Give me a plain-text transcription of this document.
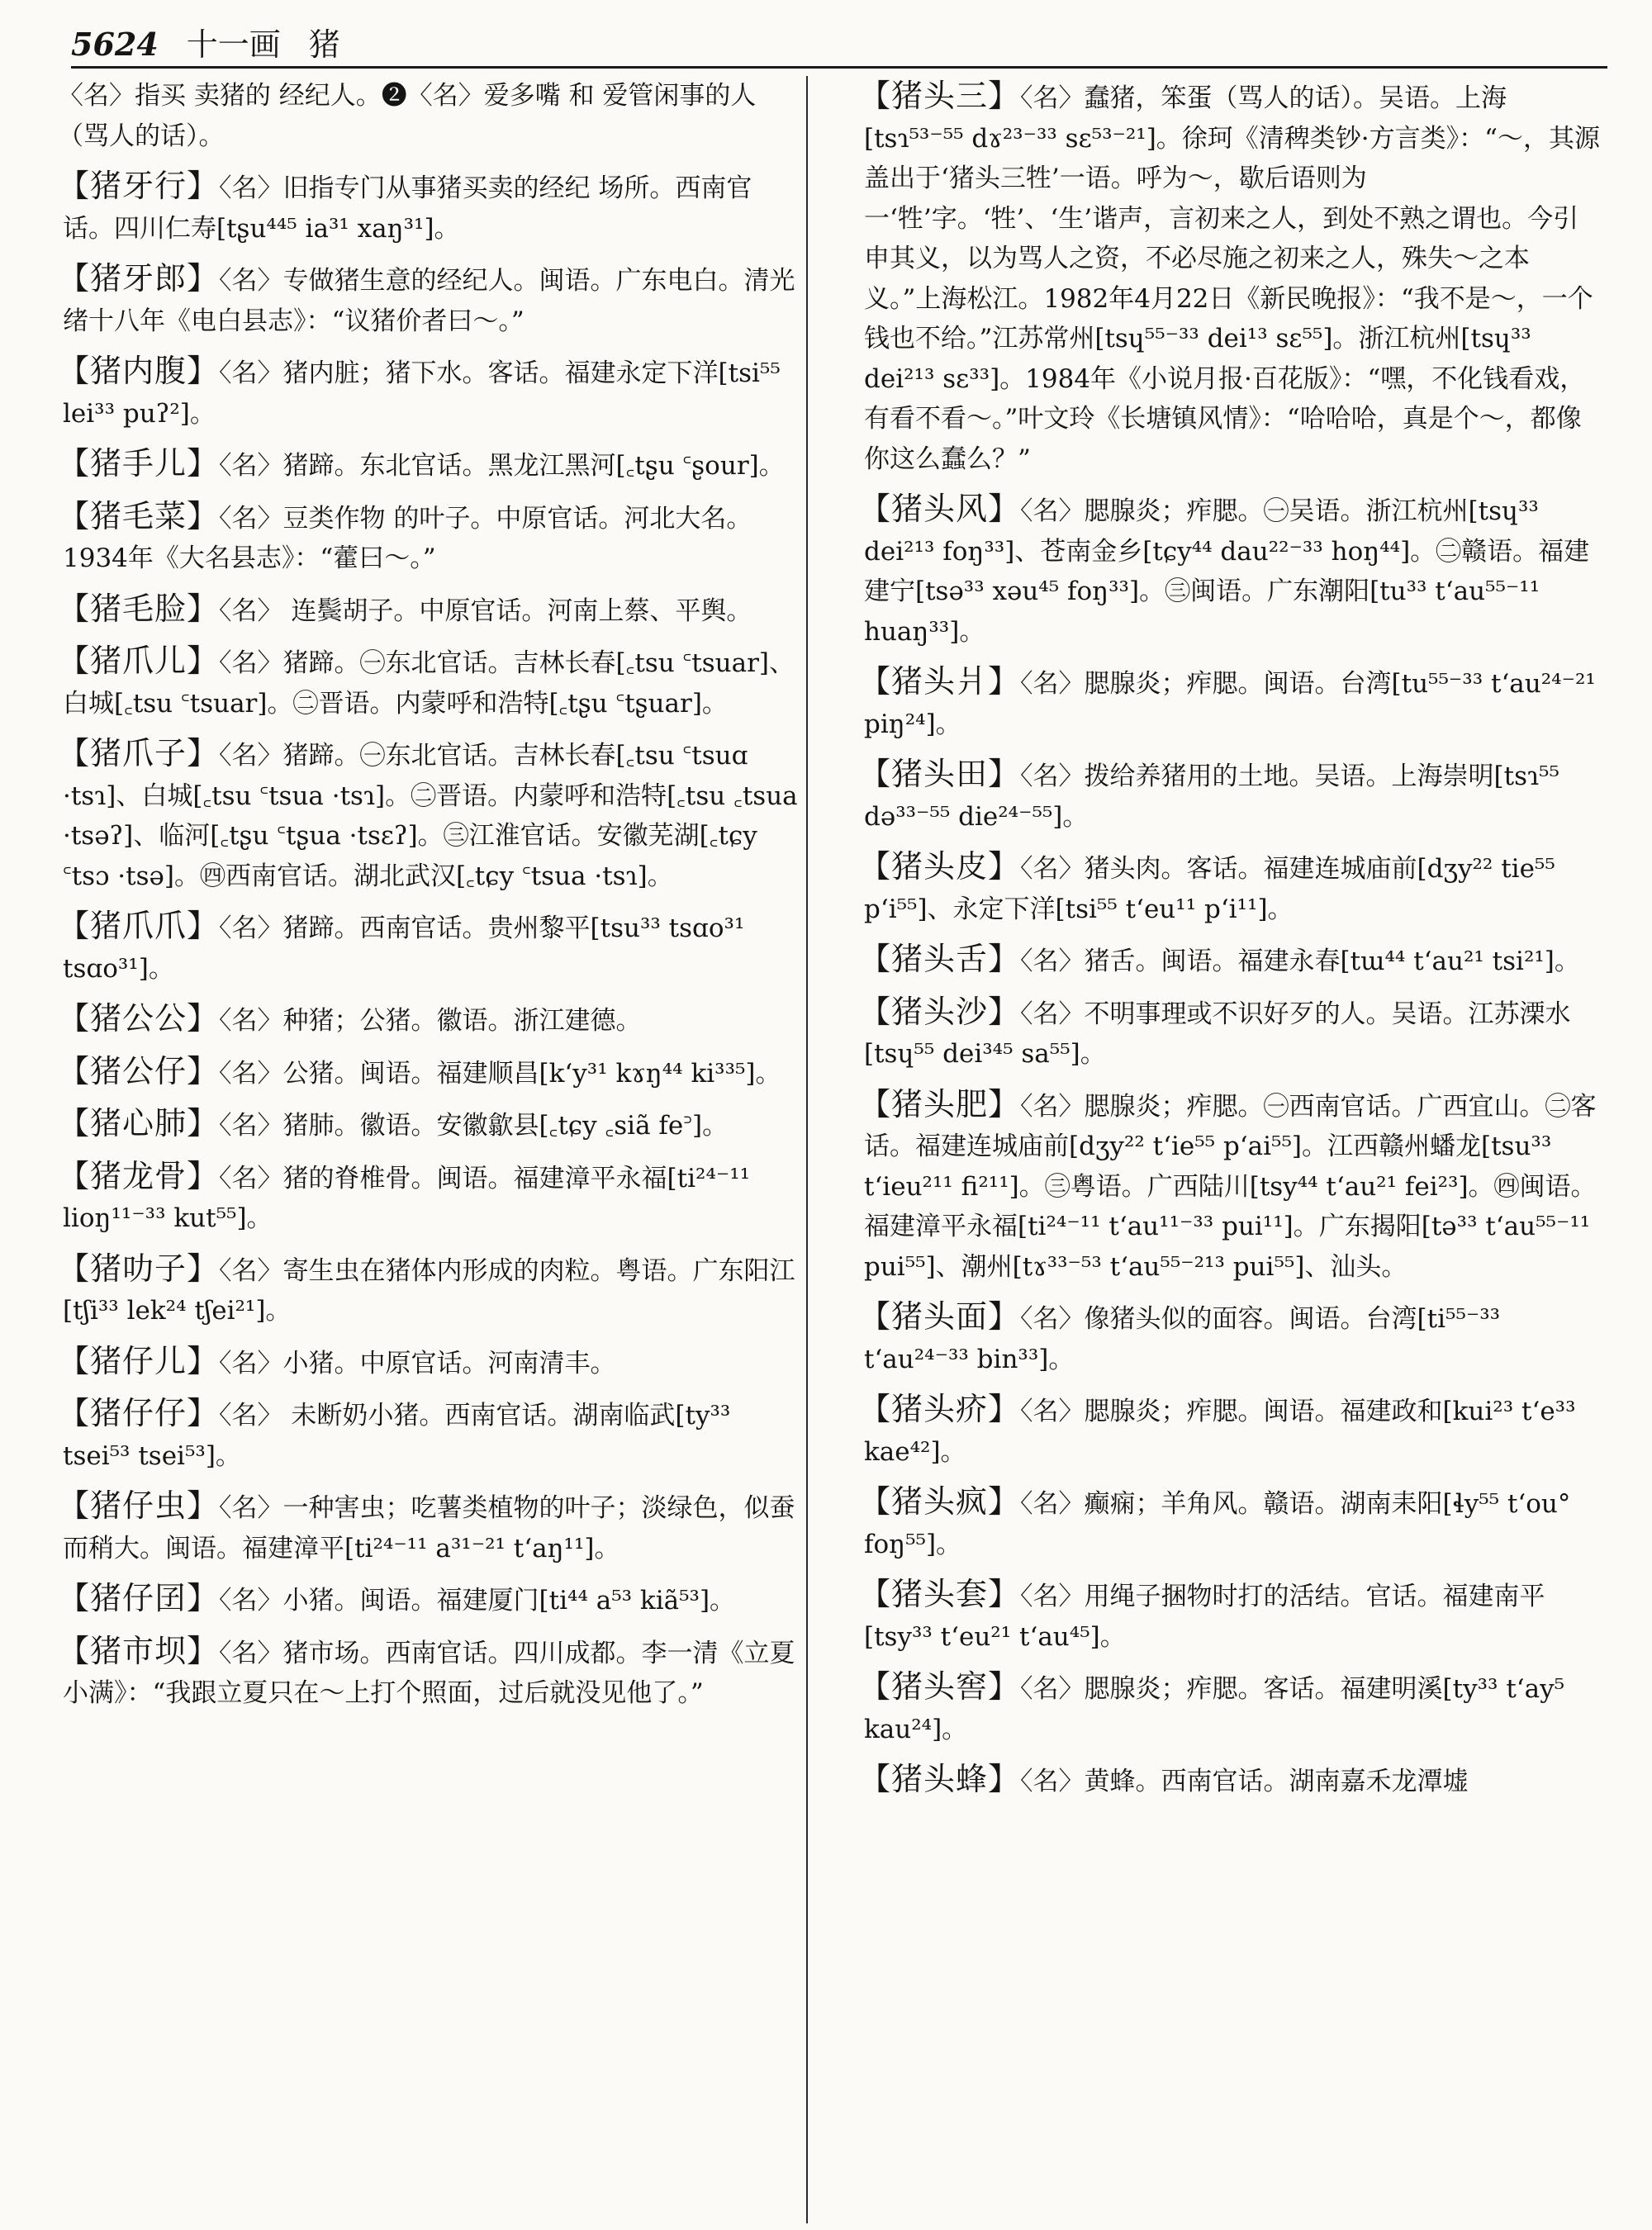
5624 十一画 猪

〈名〉指买 卖猪的 经纪人。❷〈名〉爱多嘴 和 爱管闲事的人（骂人的话）。

【 猪牙行 】 〈名〉旧指专门从事猪买卖的经纪 场所。西南官话。四川仁寿[tʂu⁴⁴⁵ ia³¹ xaŋ³¹]。

【 猪牙郎 】 〈名〉专做猪生意的经纪人。闽语。广东电白。清光绪十八年《电白县志》：“议猪价者曰～。”

【 猪内腹 】 〈名〉猪内脏；猪下水。客话。福建永定下洋[tsi⁵⁵ lei³³ puʔ²]。

【 猪手儿 】 〈名〉猪蹄。东北官话。黑龙江黑河[꜀tʂu ꜂ʂour]。

【 猪毛菜 】 〈名〉豆类作物 的叶子。中原官话。河北大名。1934年《大名县志》：“藿曰～。”

【 猪毛脸 】 〈名〉 连鬓胡子。中原官话。河南上蔡、平舆。

【 猪爪儿 】 〈名〉猪蹄。㊀东北官话。吉林长春[꜀tsu ꜂tsuar]、白城[꜀tsu ꜂tsuar]。㊁晋语。内蒙呼和浩特[꜀tʂu ꜂tʂuar]。

【 猪爪子 】 〈名〉猪蹄。㊀东北官话。吉林长春[꜀tsu ꜂tsuɑ ·tsɿ]、白城[꜀tsu ꜂tsua ·tsɿ]。㊁晋语。内蒙呼和浩特[꜀tsu ꜀tsua ·tsəʔ]、临河[꜀tʂu ꜂tʂua ·tsɛʔ]。㊂江淮官话。安徽芜湖[꜀tɕy ꜂tsɔ ·tsə]。㊃西南官话。湖北武汉[꜀tɕy ꜂tsua ·tsɿ]。

【 猪爪爪 】 〈名〉猪蹄。西南官话。贵州黎平[tsu³³ tsɑo³¹ tsɑo³¹]。

【 猪公公 】 〈名〉种猪；公猪。徽语。浙江建德。

【 猪公仔 】 〈名〉公猪。闽语。福建顺昌[k‘y³¹ kɤŋ⁴⁴ ki³³⁵]。

【 猪心肺 】 〈名〉猪肺。徽语。安徽歙县[꜀tɕy ꜀siã fe꜄]。

【 猪龙骨 】 〈名〉猪的脊椎骨。闽语。福建漳平永福[ti²⁴⁻¹¹ lioŋ¹¹⁻³³ kut⁵⁵]。

【 猪叻子 】 〈名〉寄生虫在猪体内形成的肉粒。粤语。广东阳江[tʃi³³ lek²⁴ tʃei²¹]。

【 猪仔儿 】 〈名〉小猪。中原官话。河南清丰。

【 猪仔仔 】 〈名〉 未断奶小猪。西南官话。湖南临武[ty³³ tsei⁵³ tsei⁵³]。

【 猪仔虫 】 〈名〉一种害虫；吃薯类植物的叶子；淡绿色，似蚕而稍大。闽语。福建漳平[ti²⁴⁻¹¹ a³¹⁻²¹ t‘aŋ¹¹]。

【 猪仔囝 】 〈名〉小猪。闽语。福建厦门[ti⁴⁴ a⁵³ kiã⁵³]。

【 猪市坝 】 〈名〉猪市场。西南官话。四川成都。李一清《立夏小满》：“我跟立夏只在～上打个照面，过后就没见他了。”

【 猪头三 】 〈名〉蠢猪，笨蛋（骂人的话）。吴语。上海[tsɿ⁵³⁻⁵⁵ dɤ²³⁻³³ sɛ⁵³⁻²¹]。徐珂《清稗类钞·方言类》：“～，其源盖出于‘猪头三牲’一语。呼为～，歇后语则为一‘牲’字。‘牲’、‘生’谐声，言初来之人，到处不熟之谓也。今引申其义，以为骂人之资，不必尽施之初来之人，殊失～之本义。”上海松江。1982年4月22日《新民晚报》：“我不是～，一个钱也不给。”江苏常州[tsɥ⁵⁵⁻³³ dei¹³ sɛ⁵⁵]。浙江杭州[tsɥ³³ dei²¹³ sɛ³³]。1984年《小说月报·百花版》：“嘿，不化钱看戏，有看不看～。”叶文玲《长塘镇风情》：“哈哈哈，真是个～，都像你这么蠢么？”

【 猪头风 】 〈名〉腮腺炎；痄腮。㊀吴语。浙江杭州[tsɥ³³ dei²¹³ foŋ³³]、苍南金乡[tɕy⁴⁴ dau²²⁻³³ hoŋ⁴⁴]。㊁赣语。福建建宁[tsə³³ xəu⁴⁵ foŋ³³]。㊂闽语。广东潮阳[tu³³ t‘au⁵⁵⁻¹¹ huaŋ³³]。

【 猪头爿 】 〈名〉腮腺炎；痄腮。闽语。台湾[tu⁵⁵⁻³³ t‘au²⁴⁻²¹ piŋ²⁴]。

【 猪头田 】 〈名〉拨给养猪用的土地。吴语。上海崇明[tsɿ⁵⁵ də³³⁻⁵⁵ die²⁴⁻⁵⁵]。

【 猪头皮 】 〈名〉猪头肉。客话。福建连城庙前[dʒy²² tie⁵⁵ p‘i⁵⁵]、永定下洋[tsi⁵⁵ t‘eu¹¹ p‘i¹¹]。

【 猪头舌 】 〈名〉猪舌。闽语。福建永春[tɯ⁴⁴ t‘au²¹ tsi²¹]。

【 猪头沙 】 〈名〉不明事理或不识好歹的人。吴语。江苏溧水[tsɥ⁵⁵ dei³⁴⁵ sa⁵⁵]。

【 猪头肥 】 〈名〉腮腺炎；痄腮。㊀西南官话。广西宜山。㊁客话。福建连城庙前[dʒy²² t‘ie⁵⁵ p‘ai⁵⁵]。江西赣州蟠龙[tsu³³ t‘ieu²¹¹ fi²¹¹]。㊂粤语。广西陆川[tsy⁴⁴ t‘au²¹ fei²³]。㊃闽语。福建漳平永福[ti²⁴⁻¹¹ t‘au¹¹⁻³³ pui¹¹]。广东揭阳[tə³³ t‘au⁵⁵⁻¹¹ pui⁵⁵]、潮州[tɤ³³⁻⁵³ t‘au⁵⁵⁻²¹³ pui⁵⁵]、汕头。

【 猪头面 】 〈名〉像猪头似的面容。闽语。台湾[ti⁵⁵⁻³³ t‘au²⁴⁻³³ bin³³]。

【 猪头疥 】 〈名〉腮腺炎；痄腮。闽语。福建政和[kui²³ t‘e³³ kae⁴²]。

【 猪头疯 】 〈名〉癫痫；羊角风。赣语。湖南耒阳[ɬy⁵⁵ t‘ou° foŋ⁵⁵]。

【 猪头套 】 〈名〉用绳子捆物时打的活结。官话。福建南平[tsy³³ t‘eu²¹ t‘au⁴⁵]。

【 猪头窖 】 〈名〉腮腺炎；痄腮。客话。福建明溪[ty³³ t‘ay⁵ kau²⁴]。

【 猪头蜂 】 〈名〉黄蜂。西南官话。湖南嘉禾龙潭墟
